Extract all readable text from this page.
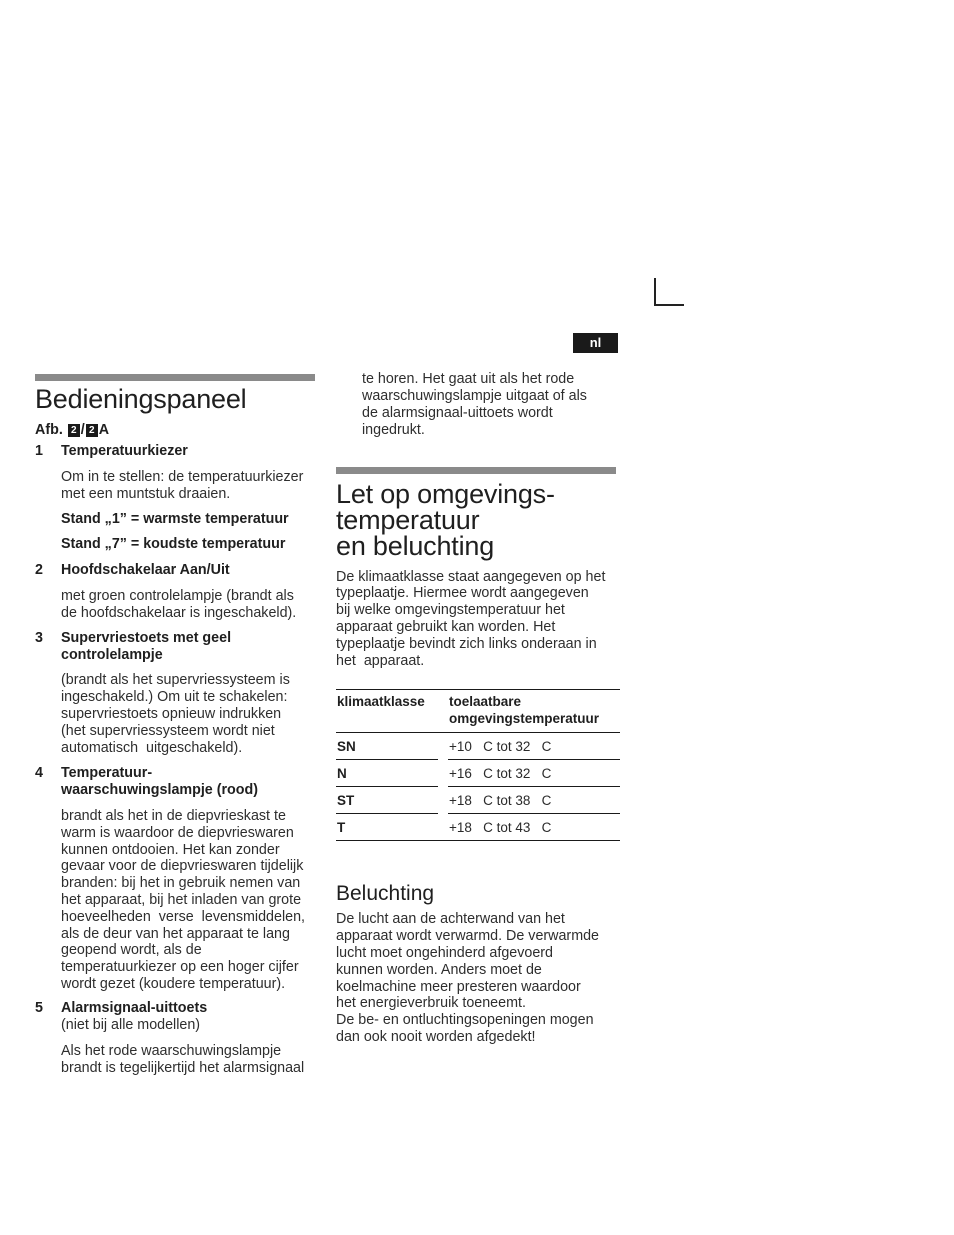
nl
Bedieningspaneel
Afb. 2 / 2 A
1 Temperatuurkiezer
Om in te stellen: de temperatuurkiezer
met een muntstuk draaien.
Stand „1” = warmste temperatuur
Stand „7” = koudste temperatuur
2 Hoofdschakelaar Aan/Uit
met groen controlelampje (brandt als
de hoofdschakelaar is ingeschakeld).
3 Supervriestoets met geel
controlelampje
(brandt als het supervriessysteem is
ingeschakeld.) Om uit te schakelen:
supervriestoets opnieuw indrukken
(het supervriessysteem wordt niet
automatisch  uitgeschakeld).
4 Temperatuur-
waarschuwingslampje (rood)
brandt als het in de diepvrieskast te
warm is waardoor de diepvrieswaren
kunnen ontdooien. Het kan zonder
gevaar voor de diepvrieswaren tijdelijk
branden: bij het in gebruik nemen van
het apparaat, bij het inladen van grote
hoeveelheden  verse  levensmiddelen,
als de deur van het apparaat te lang
geopend wordt, als de
temperatuurkiezer op een hoger cijfer
wordt gezet (koudere temperatuur).
5 Alarmsignaal-uittoets
(niet bij alle modellen)
Als het rode waarschuwingslampje
brandt is tegelijkertijd het alarmsignaal
te horen. Het gaat uit als het rode
waarschuwingslampje uitgaat of als
de alarmsignaal-uittoets wordt
ingedrukt.
Let op omgevings-
temperatuur
en beluchting
De klimaatklasse staat aangegeven op het
typeplaatje. Hiermee wordt aangegeven
bij welke omgevingstemperatuur het
apparaat gebruikt kan worden. Het
typeplaatje bevindt zich links onderaan in
het  apparaat.
klimaatklasse toelaatbare
omgevingstemperatuur
SN	+10   C tot 32   C
N	+16   C tot 32   C
ST	+18   C tot 38   C
T	+18   C tot 43   C
Beluchting
De lucht aan de achterwand van het
apparaat wordt verwarmd. De verwarmde
lucht moet ongehinderd afgevoerd
kunnen worden. Anders moet de
koelmachine meer presteren waardoor
het energieverbruik toeneemt.
De be- en ontluchtingsopeningen mogen
dan ook nooit worden afgedekt!
